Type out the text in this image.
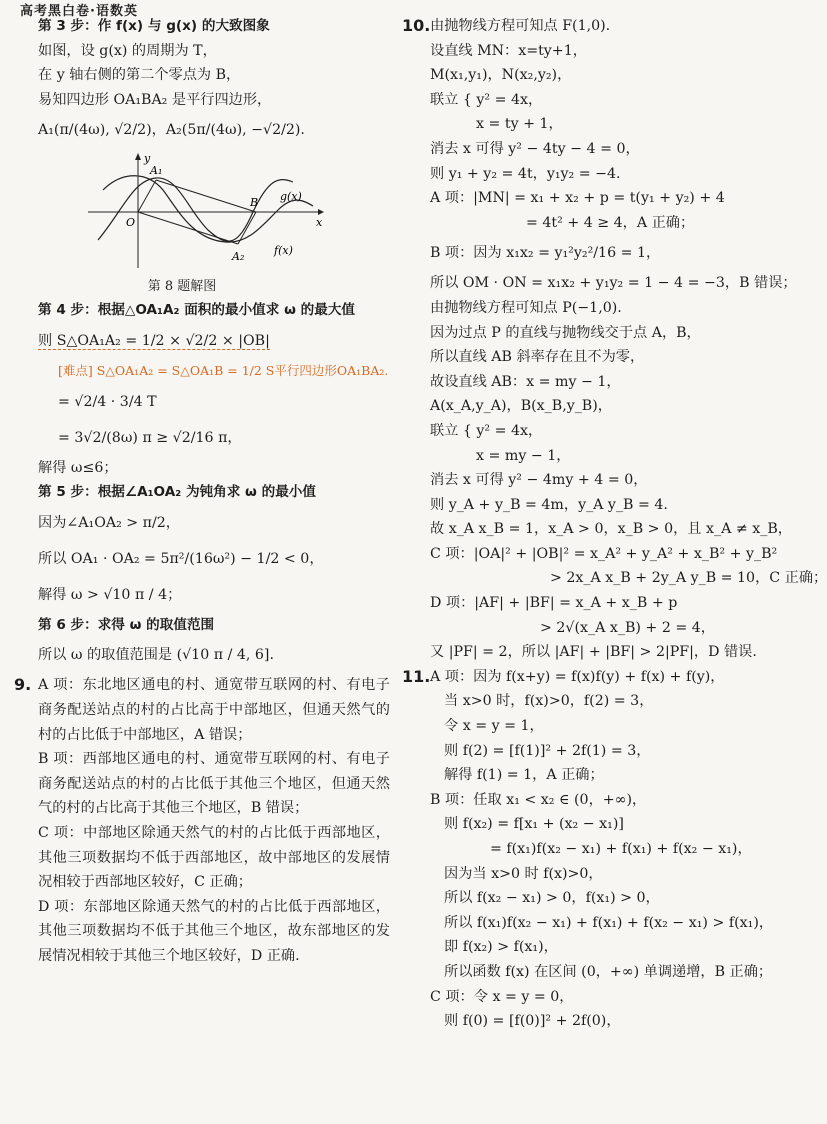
高考黑白卷·语数英
第 3 步：作 f(x) 与 g(x) 的大致图象
如图，设 g(x) 的周期为 T，
在 y 轴右侧的第二个零点为 B，
易知四边形 OA₁BA₂ 是平行四边形，
A₁(π/(4ω), √2/2)，A₂(5π/(4ω), −√2/2).
y
x
O
A₁
A₂
B g(x)
f(x)
第 8 题解图
第 4 步：根据△OA₁A₂ 面积的最小值求 ω 的最大值
则 S△OA₁A₂ = 1/2 × √2/2 × |OB|
[难点] S△OA₁A₂ = S△OA₁B = 1/2 S平行四边形OA₁BA₂.
= √2/4 · 3/4 T
= 3√2/(8ω) π ≥ √2/16 π，
解得 ω≤6；
第 5 步：根据∠A₁OA₂ 为钝角求 ω 的最小值
因为∠A₁OA₂ > π/2，
所以 OA₁ · OA₂ = 5π²/(16ω²) − 1/2 < 0，
解得 ω > √10 π / 4；
第 6 步：求得 ω 的取值范围
所以 ω 的取值范围是 (√10 π / 4, 6].
9. A 项：东北地区通电的村、通宽带互联网的村、有电子商务配送站点的村的占比高于中部地区，但通天然气的村的占比低于中部地区，A 错误；
B 项：西部地区通电的村、通宽带互联网的村、有电子商务配送站点的村的占比低于其他三个地区，但通天然气的村的占比高于其他三个地区，B 错误；
C 项：中部地区除通天然气的村的占比低于西部地区，其他三项数据均不低于西部地区，故中部地区的发展情况相较于西部地区较好，C 正确；
D 项：东部地区除通天然气的村的占比低于西部地区，其他三项数据均不低于其他三个地区，故东部地区的发展情况相较于其他三个地区较好，D 正确.
10. 由抛物线方程可知点 F(1,0).
设直线 MN：x=ty+1，
M(x₁,y₁)，N(x₂,y₂)，
联立 { y² = 4x，
x = ty + 1，
消去 x 可得 y² − 4ty − 4 = 0，
则 y₁ + y₂ = 4t，y₁y₂ = −4.
A 项：|MN| = x₁ + x₂ + p = t(y₁ + y₂) + 4
= 4t² + 4 ≥ 4，A 正确；
B 项：因为 x₁x₂ = y₁²y₂²/16 = 1，
所以 OM · ON = x₁x₂ + y₁y₂ = 1 − 4 = −3，B 错误；
由抛物线方程可知点 P(−1,0).
因为过点 P 的直线与抛物线交于点 A，B，
所以直线 AB 斜率存在且不为零，
故设直线 AB：x = my − 1，
A(x_A,y_A)，B(x_B,y_B)，
联立 { y² = 4x，
x = my − 1，
消去 x 可得 y² − 4my + 4 = 0，
则 y_A + y_B = 4m，y_A y_B = 4.
故 x_A x_B = 1，x_A > 0，x_B > 0，且 x_A ≠ x_B，
C 项：|OA|² + |OB|² = x_A² + y_A² + x_B² + y_B²
> 2x_A x_B + 2y_A y_B = 10，C 正确；
D 项：|AF| + |BF| = x_A + x_B + p
> 2√(x_A x_B) + 2 = 4，
又 |PF| = 2，所以 |AF| + |BF| > 2|PF|，D 错误.
11. A 项：因为 f(x+y) = f(x)f(y) + f(x) + f(y)，
当 x>0 时，f(x)>0，f(2) = 3，
令 x = y = 1，
则 f(2) = [f(1)]² + 2f(1) = 3，
解得 f(1) = 1，A 正确；
B 项：任取 x₁ < x₂ ∈ (0，+∞)，
则 f(x₂) = f[x₁ + (x₂ − x₁)]
= f(x₁)f(x₂ − x₁) + f(x₁) + f(x₂ − x₁)，
因为当 x>0 时 f(x)>0，
所以 f(x₂ − x₁) > 0，f(x₁) > 0，
所以 f(x₁)f(x₂ − x₁) + f(x₁) + f(x₂ − x₁) > f(x₁)，
即 f(x₂) > f(x₁)，
所以函数 f(x) 在区间 (0，+∞) 单调递增，B 正确；
C 项：令 x = y = 0，
则 f(0) = [f(0)]² + 2f(0)，
